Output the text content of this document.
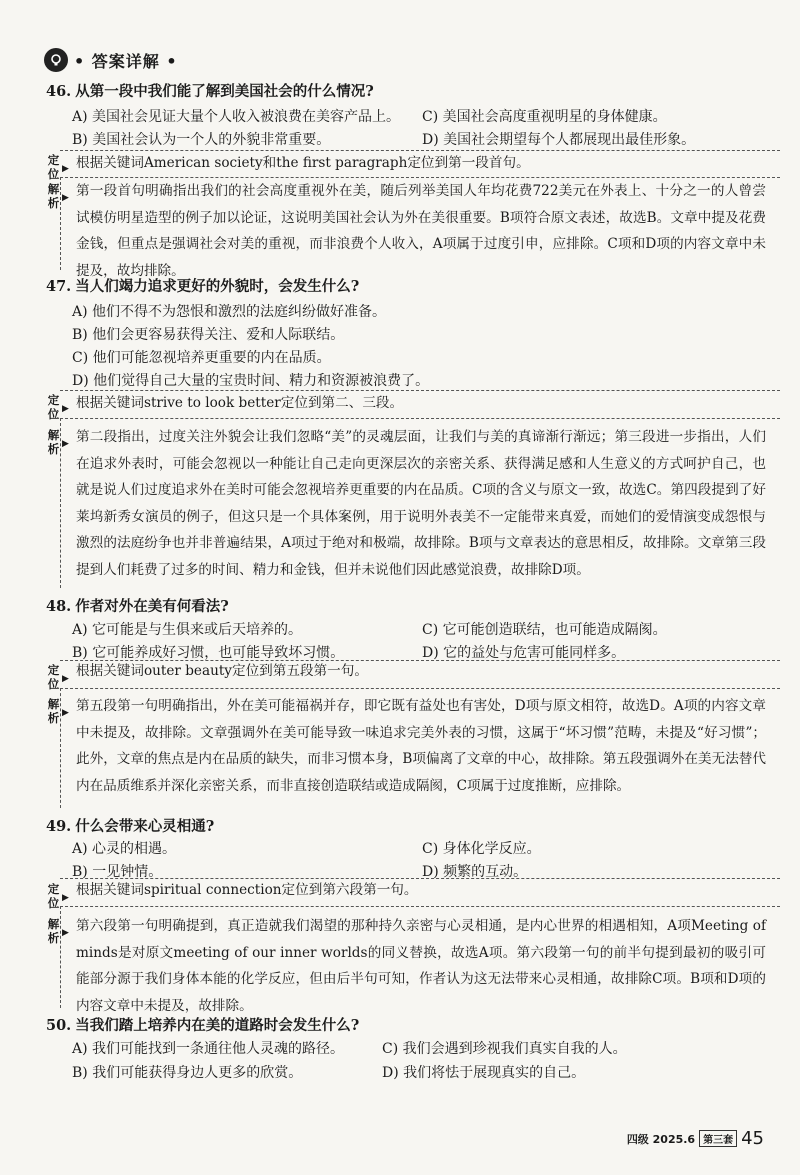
• 答案详解 •
46. 从第一段中我们能了解到美国社会的什么情况?
A) 美国社会见证大量个人收入被浪费在美容产品上。 C) 美国社会高度重视明星的身体健康。
B) 美国社会认为一个人的外貌非常重要。	D) 美国社会期望每个人都展现出最佳形象。
定位 ▶ 根据关键词American society和the first paragraph定位到第一段首句。
解析 ▶ 第一段首句明确指出我们的社会高度重视外在美，随后列举美国人年均花费722美元在外表上、十分之一的人曾尝试模仿明星造型的例子加以论证，这说明美国社会认为外在美很重要。B项符合原文表述，故选B。文章中提及花费金钱，但重点是强调社会对美的重视，而非浪费个人收入，A项属于过度引申，应排除。C项和D项的内容文章中未提及，故均排除。
47. 当人们竭力追求更好的外貌时，会发生什么?
A) 他们不得不为怨恨和激烈的法庭纠纷做好准备。
B) 他们会更容易获得关注、爱和人际联结。
C) 他们可能忽视培养更重要的内在品质。
D) 他们觉得自己大量的宝贵时间、精力和资源被浪费了。
定位 ▶ 根据关键词strive to look better定位到第二、三段。
解析 ▶ 第二段指出，过度关注外貌会让我们忽略“美”的灵魂层面，让我们与美的真谛渐行渐远；第三段进一步指出，人们在追求外表时，可能会忽视以一种能让自己走向更深层次的亲密关系、获得满足感和人生意义的方式呵护自己，也就是说人们过度追求外在美时可能会忽视培养更重要的内在品质。C项的含义与原文一致，故选C。第四段提到了好莱坞新秀女演员的例子，但这只是一个具体案例，用于说明外表美不一定能带来真爱，而她们的爱情演变成怨恨与激烈的法庭纷争也并非普遍结果，A项过于绝对和极端，故排除。B项与文章表达的意思相反，故排除。文章第三段提到人们耗费了过多的时间、精力和金钱，但并未说他们因此感觉浪费，故排除D项。
48. 作者对外在美有何看法?
A) 它可能是与生俱来或后天培养的。	C) 它可能创造联结，也可能造成隔阂。
B) 它可能养成好习惯，也可能导致坏习惯。	D) 它的益处与危害可能同样多。
定位 ▶ 根据关键词outer beauty定位到第五段第一句。
解析 ▶ 第五段第一句明确指出，外在美可能福祸并存，即它既有益处也有害处，D项与原文相符，故选D。A项的内容文章中未提及，故排除。文章强调外在美可能导致一味追求完美外表的习惯，这属于“坏习惯”范畴，未提及“好习惯”；此外，文章的焦点是内在品质的缺失，而非习惯本身，B项偏离了文章的中心，故排除。第五段强调外在美无法替代内在品质维系并深化亲密关系，而非直接创造联结或造成隔阂，C项属于过度推断，应排除。
49. 什么会带来心灵相通?
A) 心灵的相遇。	C) 身体化学反应。
B) 一见钟情。	D) 频繁的互动。
定位 ▶ 根据关键词spiritual connection定位到第六段第一句。
解析 ▶ 第六段第一句明确提到，真正造就我们渴望的那种持久亲密与心灵相通，是内心世界的相遇相知，A项Meeting of minds是对原文meeting of our inner worlds的同义替换，故选A项。第六段第一句的前半句提到最初的吸引可能部分源于我们身体本能的化学反应，但由后半句可知，作者认为这无法带来心灵相通，故排除C项。B项和D项的内容文章中未提及，故排除。
50. 当我们踏上培养内在美的道路时会发生什么?
A) 我们可能找到一条通往他人灵魂的路径。	C) 我们会遇到珍视我们真实自我的人。
B) 我们可能获得身边人更多的欣赏。	D) 我们将怯于展现真实的自己。
四级 2025.6 第三套 45
